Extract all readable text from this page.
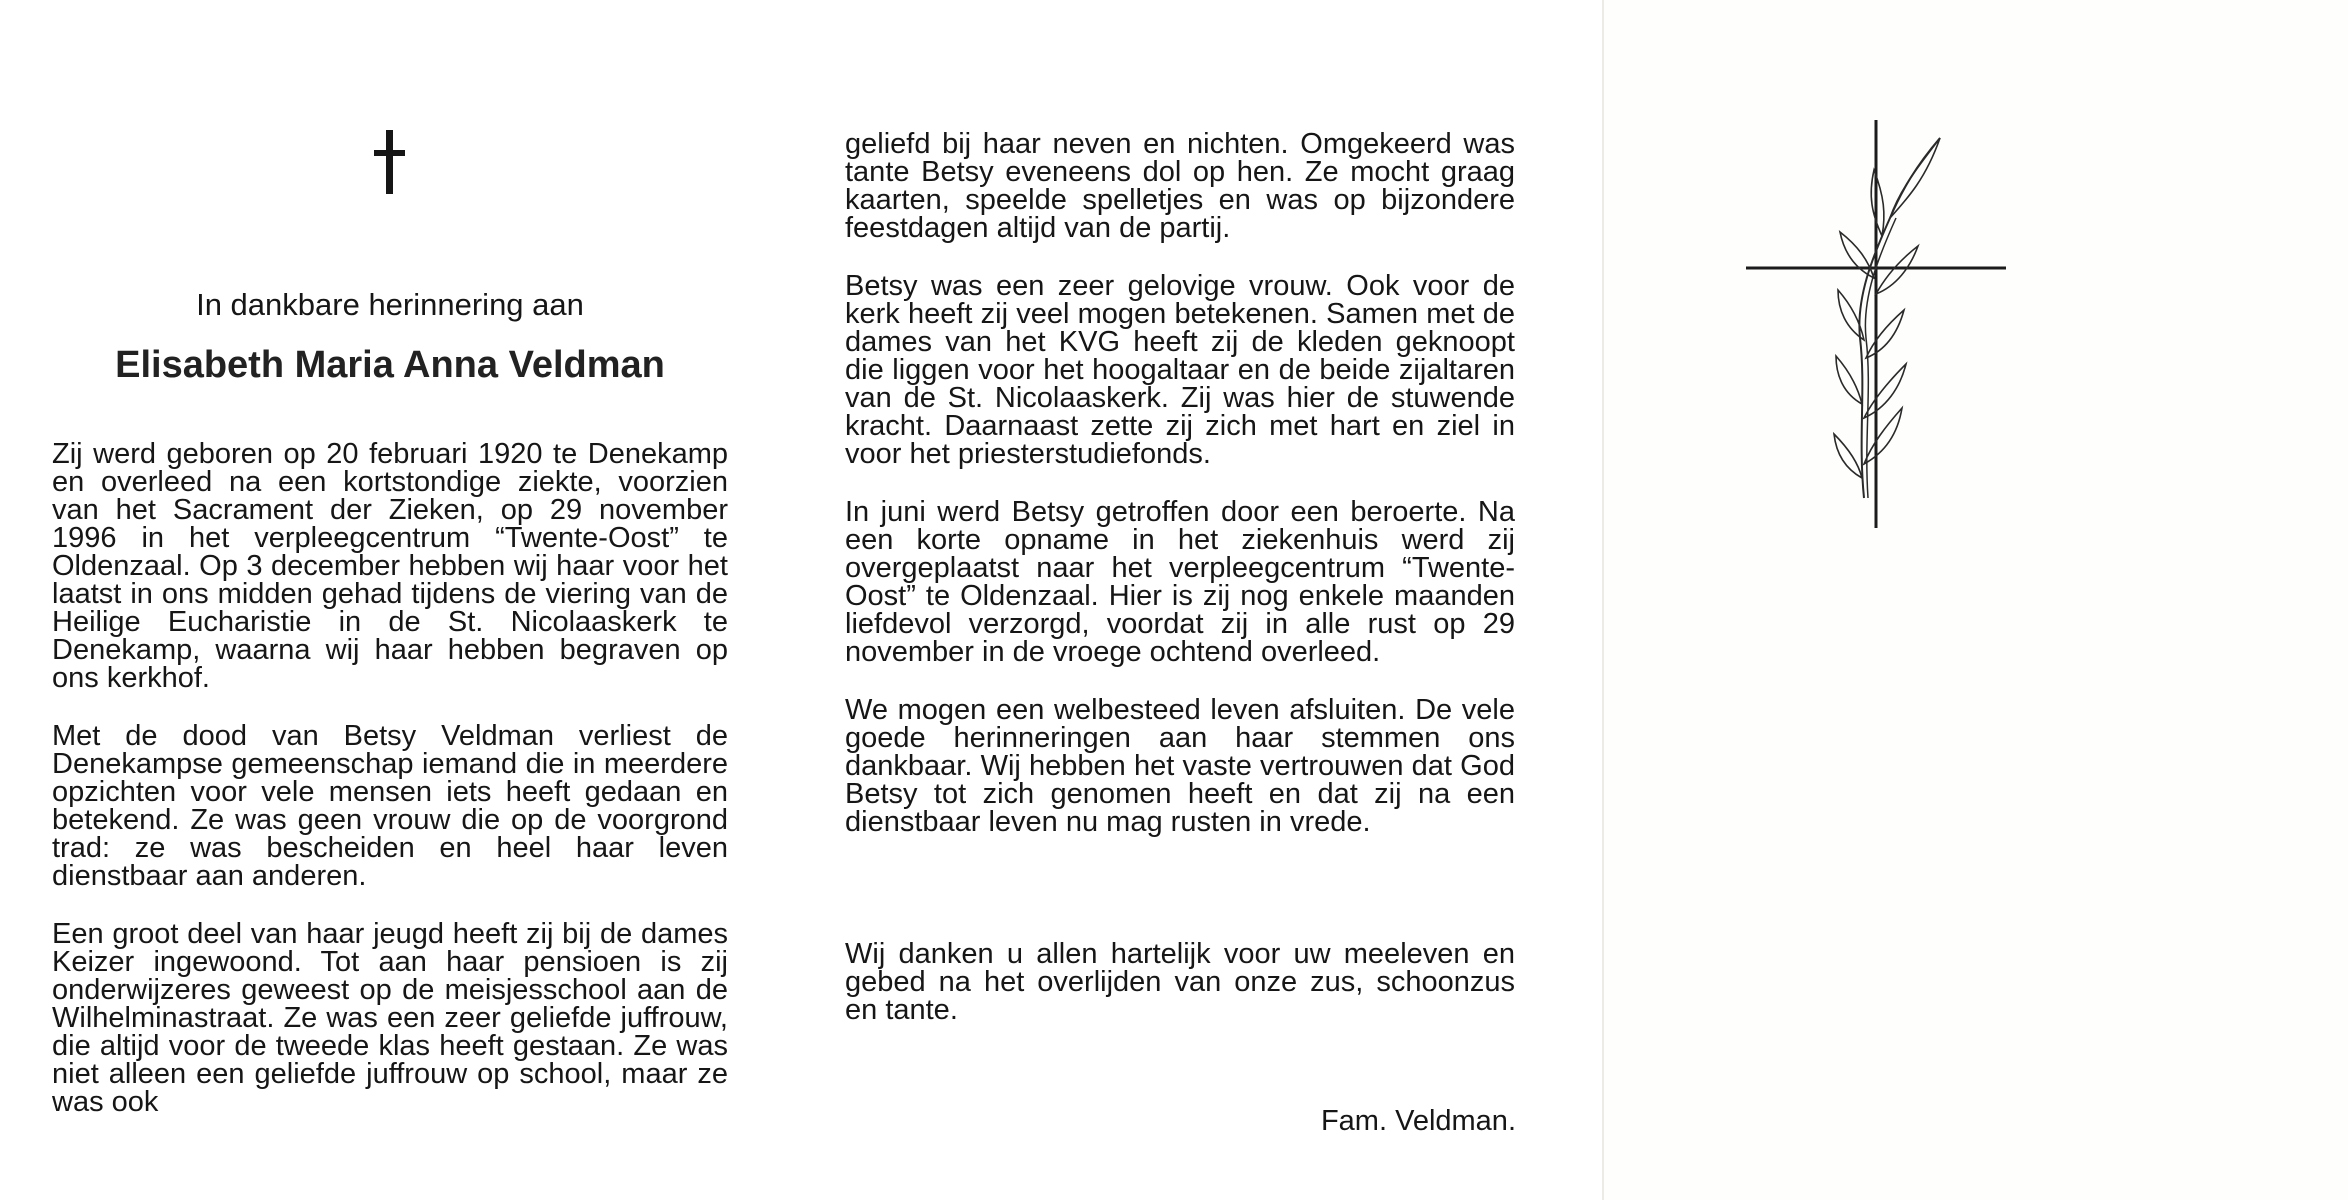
In dankbare herinnering aan
Elisabeth Maria Anna Veldman

Zij werd geboren op 20 februari 1920 te Denekamp en overleed na een kortstondige ziekte, voorzien van het Sacrament der Zieken, op 29 november 1996 in het verpleegcentrum “Twente-Oost” te Oldenzaal. Op 3 december hebben wij haar voor het laatst in ons midden gehad tijdens de viering van de Heilige Eucharistie in de St. Nicolaaskerk te Denekamp, waarna wij haar hebben begraven op ons kerkhof.

Met de dood van Betsy Veldman verliest de Denekampse gemeenschap iemand die in meerdere opzichten voor vele mensen iets heeft gedaan en betekend. Ze was geen vrouw die op de voorgrond trad: ze was bescheiden en heel haar leven dienstbaar aan anderen.

Een groot deel van haar jeugd heeft zij bij de dames Keizer ingewoond. Tot aan haar pensioen is zij onderwijzeres geweest op de meisjesschool aan de Wilhelminastraat. Ze was een zeer geliefde juffrouw, die altijd voor de tweede klas heeft gestaan. Ze was niet alleen een geliefde juffrouw op school, maar ze was ook

geliefd bij haar neven en nichten. Omgekeerd was tante Betsy eveneens dol op hen. Ze mocht graag kaarten, speelde spelletjes en was op bijzondere feestdagen altijd van de partij.

Betsy was een zeer gelovige vrouw. Ook voor de kerk heeft zij veel mogen betekenen. Samen met de dames van het KVG heeft zij de kleden geknoopt die liggen voor het hoogaltaar en de beide zijaltaren van de St. Nicolaaskerk. Zij was hier de stuwende kracht. Daarnaast zette zij zich met hart en ziel in voor het priesterstudiefonds.

In juni werd Betsy getroffen door een beroerte. Na een korte opname in het ziekenhuis werd zij overgeplaatst naar het verpleegcentrum “Twente-Oost” te Oldenzaal. Hier is zij nog enkele maanden liefdevol verzorgd, voordat zij in alle rust op 29 november in de vroege ochtend overleed.

We mogen een welbesteed leven afsluiten. De vele goede herinneringen aan haar stemmen ons dankbaar. Wij hebben het vaste vertrouwen dat God Betsy tot zich genomen heeft en dat zij na een dienstbaar leven nu mag rusten in vrede.

Wij danken u allen hartelijk voor uw meeleven en gebed na het overlijden van onze zus, schoonzus en tante.

Fam. Veldman.
